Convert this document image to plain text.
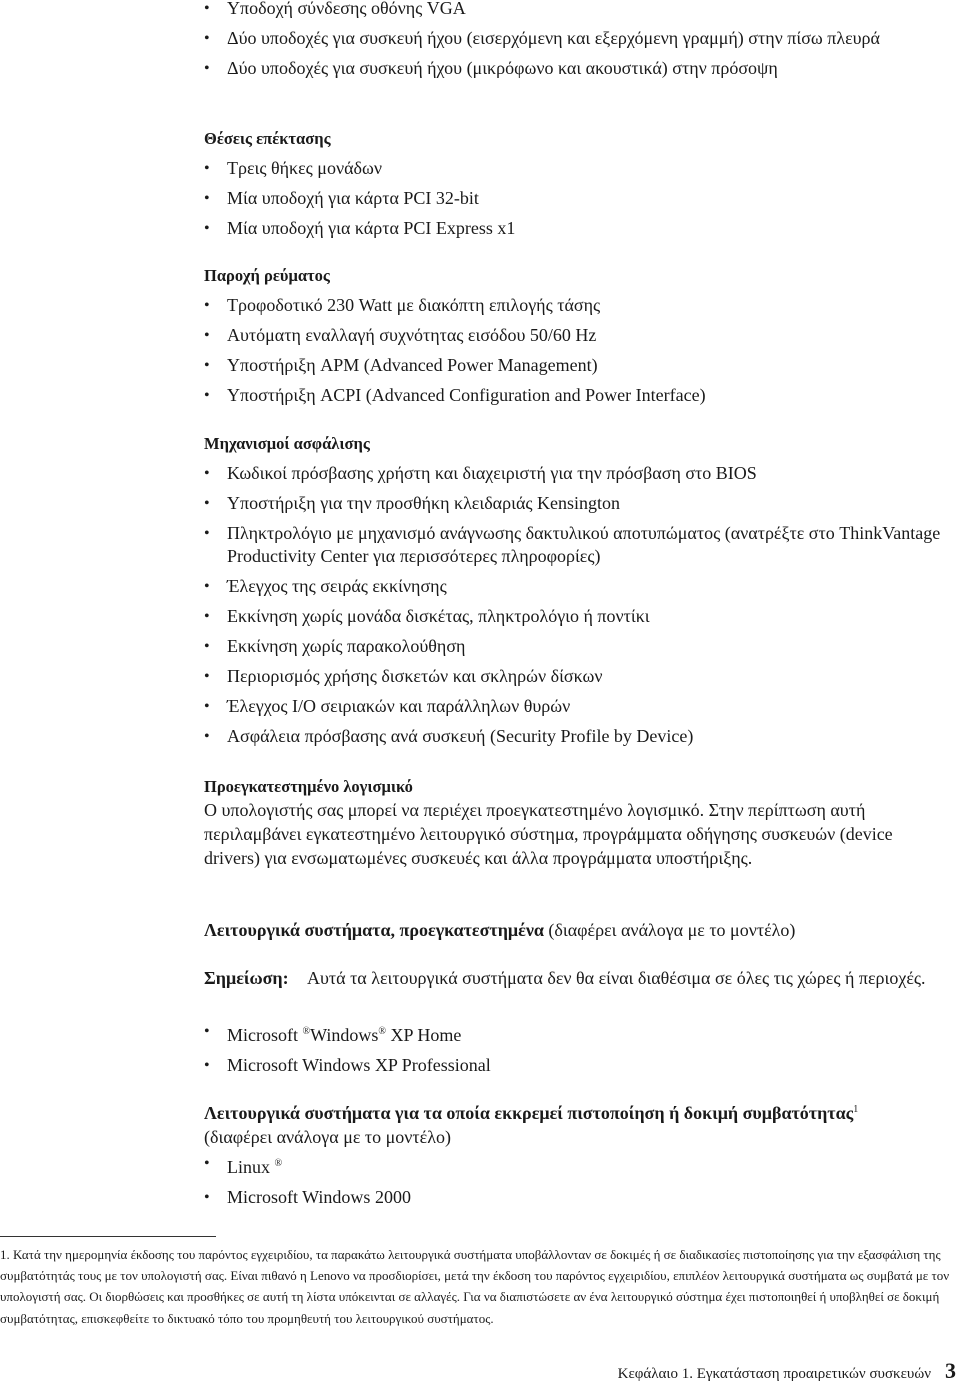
• Υποδοχή σύνδεσης οθόνης VGA
• Δύο υποδοχές για συσκευή ήχου (εισερχόμενη και εξερχόμενη γραμμή) στην πίσω πλευρά
• Δύο υποδοχές για συσκευή ήχου (μικρόφωνο και ακουστικά) στην πρόσοψη
Θέσεις επέκτασης
• Τρεις θήκες μονάδων
• Μία υποδοχή για κάρτα PCI 32-bit
• Μία υποδοχή για κάρτα PCI Express x1
Παροχή ρεύματος
• Τροφοδοτικό 230 Watt με διακόπτη επιλογής τάσης
• Αυτόματη εναλλαγή συχνότητας εισόδου 50/60 Hz
• Υποστήριξη APM (Advanced Power Management)
• Υποστήριξη ACPI (Advanced Configuration and Power Interface)
Μηχανισμοί ασφάλισης
• Κωδικοί πρόσβασης χρήστη και διαχειριστή για την πρόσβαση στο BIOS
• Υποστήριξη για την προσθήκη κλειδαριάς Kensington
• Πληκτρολόγιο με μηχανισμό ανάγνωσης δακτυλικού αποτυπώματος (ανατρέξτε στο ThinkVantage Productivity Center για περισσότερες πληροφορίες)
• Έλεγχος της σειράς εκκίνησης
• Εκκίνηση χωρίς μονάδα δισκέτας, πληκτρολόγιο ή ποντίκι
• Εκκίνηση χωρίς παρακολούθηση
• Περιορισμός χρήσης δισκετών και σκληρών δίσκων
• Έλεγχος I/O σειριακών και παράλληλων θυρών
• Ασφάλεια πρόσβασης ανά συσκευή (Security Profile by Device)
Προεγκατεστημένο λογισμικό

Ο υπολογιστής σας μπορεί να περιέχει προεγκατεστημένο λογισμικό. Στην περίπτωση αυτή περιλαμβάνει εγκατεστημένο λειτουργικό σύστημα, προγράμματα οδήγησης συσκευών (device drivers) για ενσωματωμένες συσκευές και άλλα προγράμματα υποστήριξης.

Λειτουργικά συστήματα, προεγκατεστημένα (διαφέρει ανάλογα με το μοντέλο)
Σημείωση:	Αυτά τα λειτουργικά συστήματα δεν θα είναι διαθέσιμα σε όλες τις χώρες ή περιοχές.
• Microsoft ®Windows® XP Home
• Microsoft Windows XP Professional
Λειτουργικά συστήματα για τα οποία εκκρεμεί πιστοποίηση ή δοκιμή συμβατότητας$^1$
(διαφέρει ανάλογα με το μοντέλο)
• Linux ®
• Microsoft Windows 2000

1. Κατά την ημερομηνία έκδοσης του παρόντος εγχειριδίου, τα παρακάτω λειτουργικά συστήματα υποβάλλονταν σε δοκιμές ή σε διαδικασίες πιστοποίησης για την εξασφάλιση της συμβατότητάς τους με τον υπολογιστή σας. Είναι πιθανό η Lenovo να προσδιορίσει, μετά την έκδοση του παρόντος εγχειριδίου, επιπλέον λειτουργικά συστήματα ως συμβατά με τον υπολογιστή σας. Οι διορθώσεις και προσθήκες σε αυτή τη λίστα υπόκεινται σε αλλαγές. Για να διαπιστώσετε αν ένα λειτουργικό σύστημα έχει πιστοποιηθεί ή υποβληθεί σε δοκιμή συμβατότητας, επισκεφθείτε το δικτυακό τόπο του προμηθευτή του λειτουργικού συστήματος.

Κεφάλαιο 1. Εγκατάσταση προαιρετικών συσκευών 3
